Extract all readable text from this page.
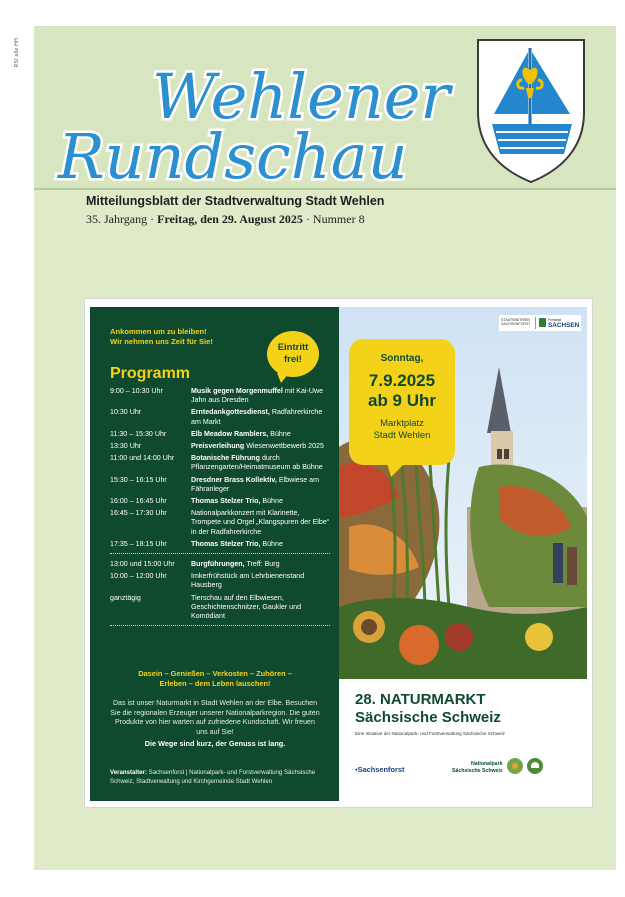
RSI alle HH
Wehlener
Rundschau
Mitteilungsblatt der Stadtverwaltung Stadt Wehlen
35. Jahrgang · Freitag, den 29. August 2025 · Nummer 8
Ankommen um zu bleiben!
Wir nehmen uns Zeit für Sie!
Eintritt
frei!
Programm
9:00 – 10:30 Uhr	Musik gegen Morgenmuffel mit Kai-Uwe Jahn aus Dresden
10:30 Uhr	Erntedankgottesdienst, Radfahrerkirche am Markt
11:30 – 15:30 Uhr	Elb Meadow Ramblers, Bühne
13:30 Uhr	Preisverleihung Wiesenwettbewerb 2025
11:00 und 14:00 Uhr	Botanische Führung durch Pflanzengarten/Heimatmuseum ab Bühne
15:30 – 16:15 Uhr	Dresdner Brass Kollektiv, Elbwiese am Fähranleger
16:00 – 16:45 Uhr	Thomas Stelzer Trio, Bühne
16:45 – 17:30 Uhr	Nationalparkkonzert mit Klarinette, Trompete und Orgel „Klangspuren der Elbe“ in der Radfahrerkirche
17:35 – 18:15 Uhr	Thomas Stelzer Trio, Bühne
13:00 und 15:00 Uhr	Burgführungen, Treff: Burg
10:00 – 12:00 Uhr	Imkerfrühstück am Lehrbienenstand Hausberg
ganztägig	Tierschau auf den Elbwiesen, Geschichtenschnitzer, Gaukler und Komödiant
Dasein – Genießen – Verkosten – Zuhören –
Erleben – dem Leben lauschen!
Das ist unser Naturmarkt in Stadt Wehlen an der Elbe. Besuchen Sie die regionalen Erzeuger unserer Nationalparkregion. Die guten Produkte von hier warten auf zufriedene Kundschaft. Wir freuen uns auf Sie!
Die Wege sind kurz, der Genuss ist lang.
Veranstalter: Sachsenforst | Nationalpark- und Forstverwaltung Sächsische Schweiz, Stadtverwaltung und Kirchgemeinde Stadt Wehlen
STAATSBETRIEB
SACHSENFORST
Freistaat
SACHSEN
Sonntag,
7.9.2025
ab 9 Uhr
Marktplatz
Stadt Wehlen
28. NATURMARKT
Sächsische Schweiz
Eine Initiative der Nationalpark- und Forstverwaltung Sächsische Schweiz
▪Sachsenforst
Nationalpark
Sächsische Schweiz
